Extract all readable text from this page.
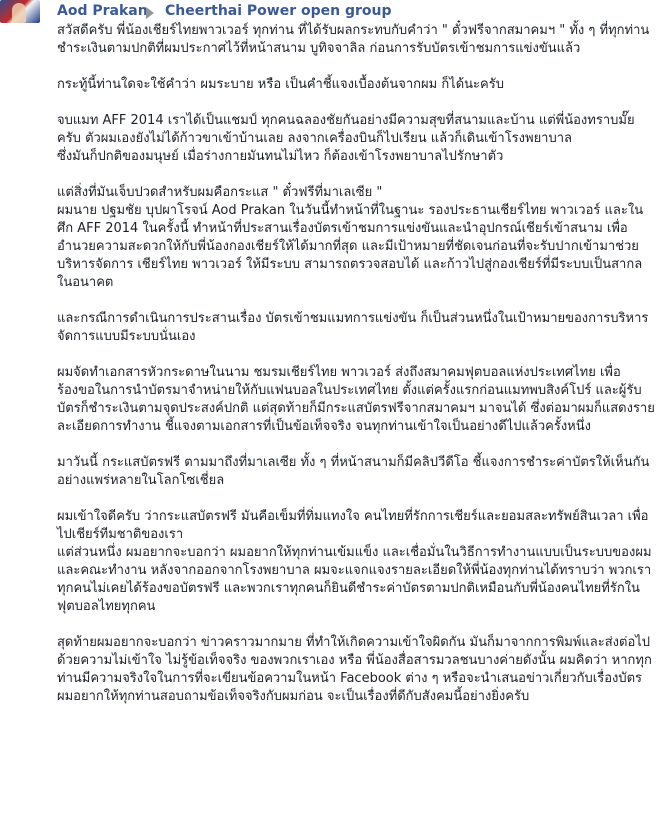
Aod Prakan Cheerthai Power open group
สวัสดีครับ พี่น้องเชียร์ไทยพาวเวอร์ ทุกท่าน ที่ได้รับผลกระทบกับคำว่า " ตั๋วฟรีจากสมาคมฯ " ทั้ง ๆ ที่ทุกท่านชำระเงินตามปกติที่ผมประกาศไว้ที่หน้าสนาม บูทิจจาลิล ก่อนการรับบัตรเข้าชมการแข่งขันแล้ว
กระทู้นี้ท่านใดจะใช้คำว่า ผมระบาย หรือ เป็นคำชี้แจงเบื้องต้นจากผม ก็ได้นะครับ
จบแมท AFF 2014 เราได้เป็นแชมป์ ทุกคนฉลองชัยกันอย่างมีความสุขที่สนามและบ้าน แต่พี่น้องทราบมั๊ยครับ ตัวผมเองยังไม่ได้ก้าวขาเข้าบ้านเลย ลงจากเครื่องบินก็ไปเรียน แล้วก็เดินเข้าโรงพยาบาล
ซึ่งมันก็ปกติของมนุษย์ เมื่อร่างกายมันทนไม่ไหว ก็ต้องเข้าโรงพยาบาลไปรักษาตัว
แต่สิ่งที่มันเจ็บปวดสำหรับผมคือกระแส " ตั๋วฟรีที่มาเลเซีย "
ผมนาย ปฐมชัย บุปผาโรจน์ Aod Prakan ในวันนี้ทำหน้าที่ในฐานะ รองประธานเชียร์ไทย พาวเวอร์ และในศึก AFF 2014 ในครั้งนี้ ทำหน้าที่ประสานเรื่องบัตรเข้าชมการแข่งขันและนำอุปกรณ์เชียร์เข้าสนาม เพื่ออำนวยความสะดวกให้กับพี่น้องกองเชียร์ให้ได้มากที่สุด และมีเป้าหมายที่ชัดเจนก่อนที่จะรับปากเข้ามาช่วยบริหารจัดการ เชียร์ไทย พาวเวอร์ ให้มีระบบ สามารถตรวจสอบได้ และก้าวไปสู่กองเชียร์ที่มีระบบเป็นสากลในอนาคต
และกรณีการดำเนินการประสานเรื่อง บัตรเข้าชมแมทการแข่งขัน ก็เป็นส่วนหนึ่งในเป้าหมายของการบริหารจัดการแบบมีระบบนั่นเอง
ผมจัดทำเอกสารหัวกระดาษในนาม ชมรมเชียร์ไทย พาวเวอร์ ส่งถึงสมาคมฟุตบอลแห่งประเทศไทย เพื่อร้องขอในการนำบัตรมาจำหน่ายให้กับแฟนบอลในประเทศไทย ตั้งแต่ครั้งแรกก่อนแมทพบสิงค์โปร์ และผู้รับบัตรก็ชำระเงินตามจุดประสงค์ปกติ แต่สุดท้ายก็มีกระแสบัตรฟรีจากสมาคมฯ มาจนได้ ซึ่งต่อมาผมก็แสดงรายละเอียดการทำงาน ชี้แจงตามเอกสารที่เป็นข้อเท็จจริง จนทุกท่านเข้าใจเป็นอย่างดีไปแล้วครั้งหนึ่ง
มาวันนี้ กระแสบัตรฟรี ตามมาถึงที่มาเลเซีย ทั้ง ๆ ที่หน้าสนามก็มีคลิปวีดีโอ ชี้แจงการชำระค่าบัตรให้เห็นกันอย่างแพร่หลายในโลกโซเชี่ยล
ผมเข้าใจดีครับ ว่ากระแสบัตรฟรี มันคือเข็มที่ทิ่มแทงใจ คนไทยที่รักการเชียร์และยอมสละทรัพย์สินเวลา เพื่อไปเชียร์ทีมชาติของเรา
แต่ส่วนหนึ่ง ผมอยากจะบอกว่า ผมอยากให้ทุกท่านเข้มแข็ง และเชื่อมั่นในวิธีการทำงานแบบเป็นระบบของผมและคณะทำงาน หลังจากออกจากโรงพยาบาล ผมจะแจกแจงรายละเอียดให้พี่น้องทุกท่านได้ทราบว่า พวกเราทุกคนไม่เคยได้ร้องขอบัตรฟรี และพวกเราทุกคนก็ยินดีชำระค่าบัตรตามปกติเหมือนกับพี่น้องคนไทยที่รักในฟุตบอลไทยทุกคน
สุดท้ายผมอยากจะบอกว่า ข่าวคราวมากมาย ที่ทำให้เกิดความเข้าใจผิดกัน มันก็มาจากการพิมพ์และส่งต่อไปด้วยความไม่เข้าใจ ไม่รู้ข้อเท็จจริง ของพวกเราเอง หรือ พี่น้องสื่อสารมวลชนบางค่ายดังนั้น ผมคิดว่า หากทุกท่านมีความจริงใจในการที่จะเขียนข้อความในหน้า Facebook ต่าง ๆ หรือจะนำเสนอข่าวเกี่ยวกับเรื่องบัตร ผมอยากให้ทุกท่านสอบถามข้อเท็จจริงกับผมก่อน จะเป็นเรื่องที่ดีกับสังคมนี้อย่างยิ่งครับ
